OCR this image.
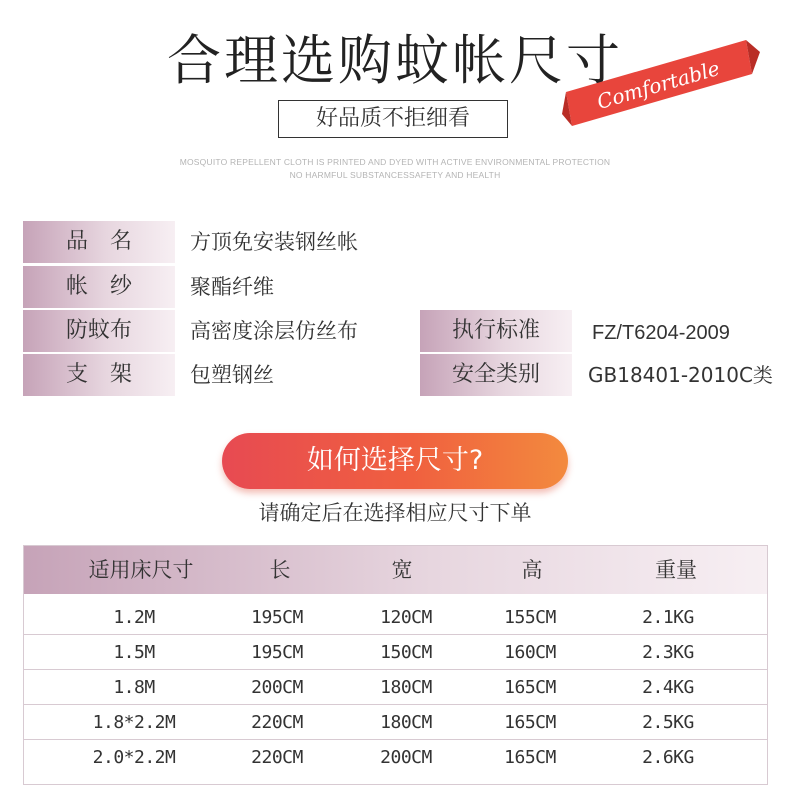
合理选购蚊帐尺寸
Comfortable
好品质不拒细看
MOSQUITO REPELLENT CLOTH IS PRINTED AND DYED WITH ACTIVE ENVIRONMENTAL PROTECTION
NO HARMFUL SUBSTANCESSAFETY AND HEALTH
品　名	方顶免安装钢丝帐
帐　纱	聚酯纤维
防蚊布	高密度涂层仿丝布
支　架	包塑钢丝
执行标准	FZ/T6204-2009
安全类别	GB18401-2010C类
如何选择尺寸?
请确定后在选择相应尺寸下单
适用床尺寸	长	宽	高	重量
1.2M	195CM	120CM	155CM	2.1KG
1.5M	195CM	150CM	160CM	2.3KG
1.8M	200CM	180CM	165CM	2.4KG
1.8*2.2M	220CM	180CM	165CM	2.5KG
2.0*2.2M	220CM	200CM	165CM	2.6KG
